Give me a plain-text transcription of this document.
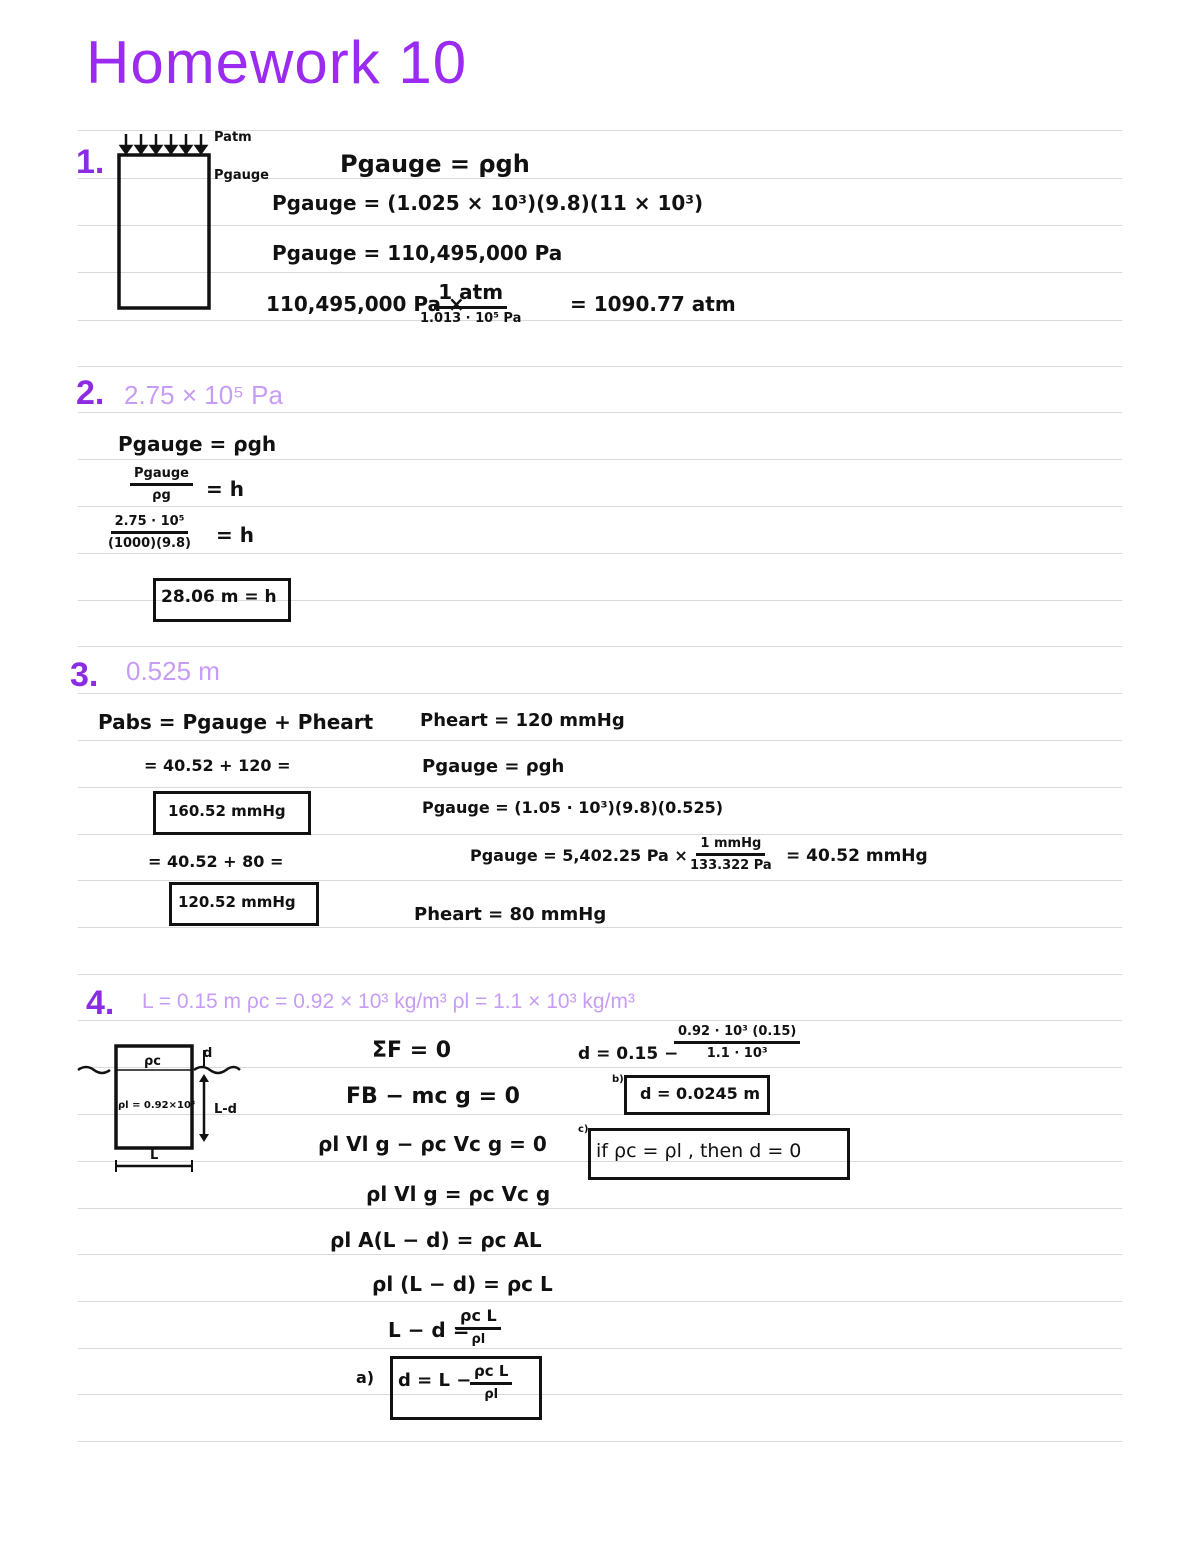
Homework 10
1.
Patm
Pgauge	Pgauge = ρgh
Pgauge = (1.025 × 10³)(9.8)(11 × 10³)
Pgauge = 110,495,000 Pa
110,495,000 Pa ×
1 atm
1.013 · 10⁵ Pa
= 1090.77 atm
2. 2.75 × 10⁵ Pa
Pgauge = ρgh
Pgauge
ρg = h
$\frac{\text{2.75 · 10⁵}}{(1000)(9.8)} = h$
28.06 m = h
3. 0.525 m
Pabs = Pgauge + Pheart
= 40.52 + 120 =
160.52 mmHg
= 40.52 + 80 =
120.52 mmHg
Pheart = 120 mmHg
Pgauge = ρgh
Pgauge = (1.05 · 10³)(9.8)(0.525)
Pgauge = 5,402.25 Pa ×
1 mmHg
133.322 Pa = 40.52 mmHg
Pheart = 80 mmHg
4. L = 0.15 m ρc = 0.92 × 10³ kg/m³ ρl = 1.1 × 10³ kg/m³
ρc
ρl = 0.92×10³
d
L-d
L
ΣF = 0
FB − mc g = 0
ρl Vl g − ρc Vc g = 0
ρl Vl g = ρc Vc g
ρl A(L − d) = ρc AL
ρl (L − d) = ρc L
L − d =
ρc L
ρl
a) d = L −
$\frac{\text{ρc L}}{\rho l}$
d = 0.15 −
$\frac{\text{0.92 · 10³ (0.15)}}{\text{1.1 · 10³}}$
b)
d = 0.0245 m
c)
if ρc = ρl , then d = 0
